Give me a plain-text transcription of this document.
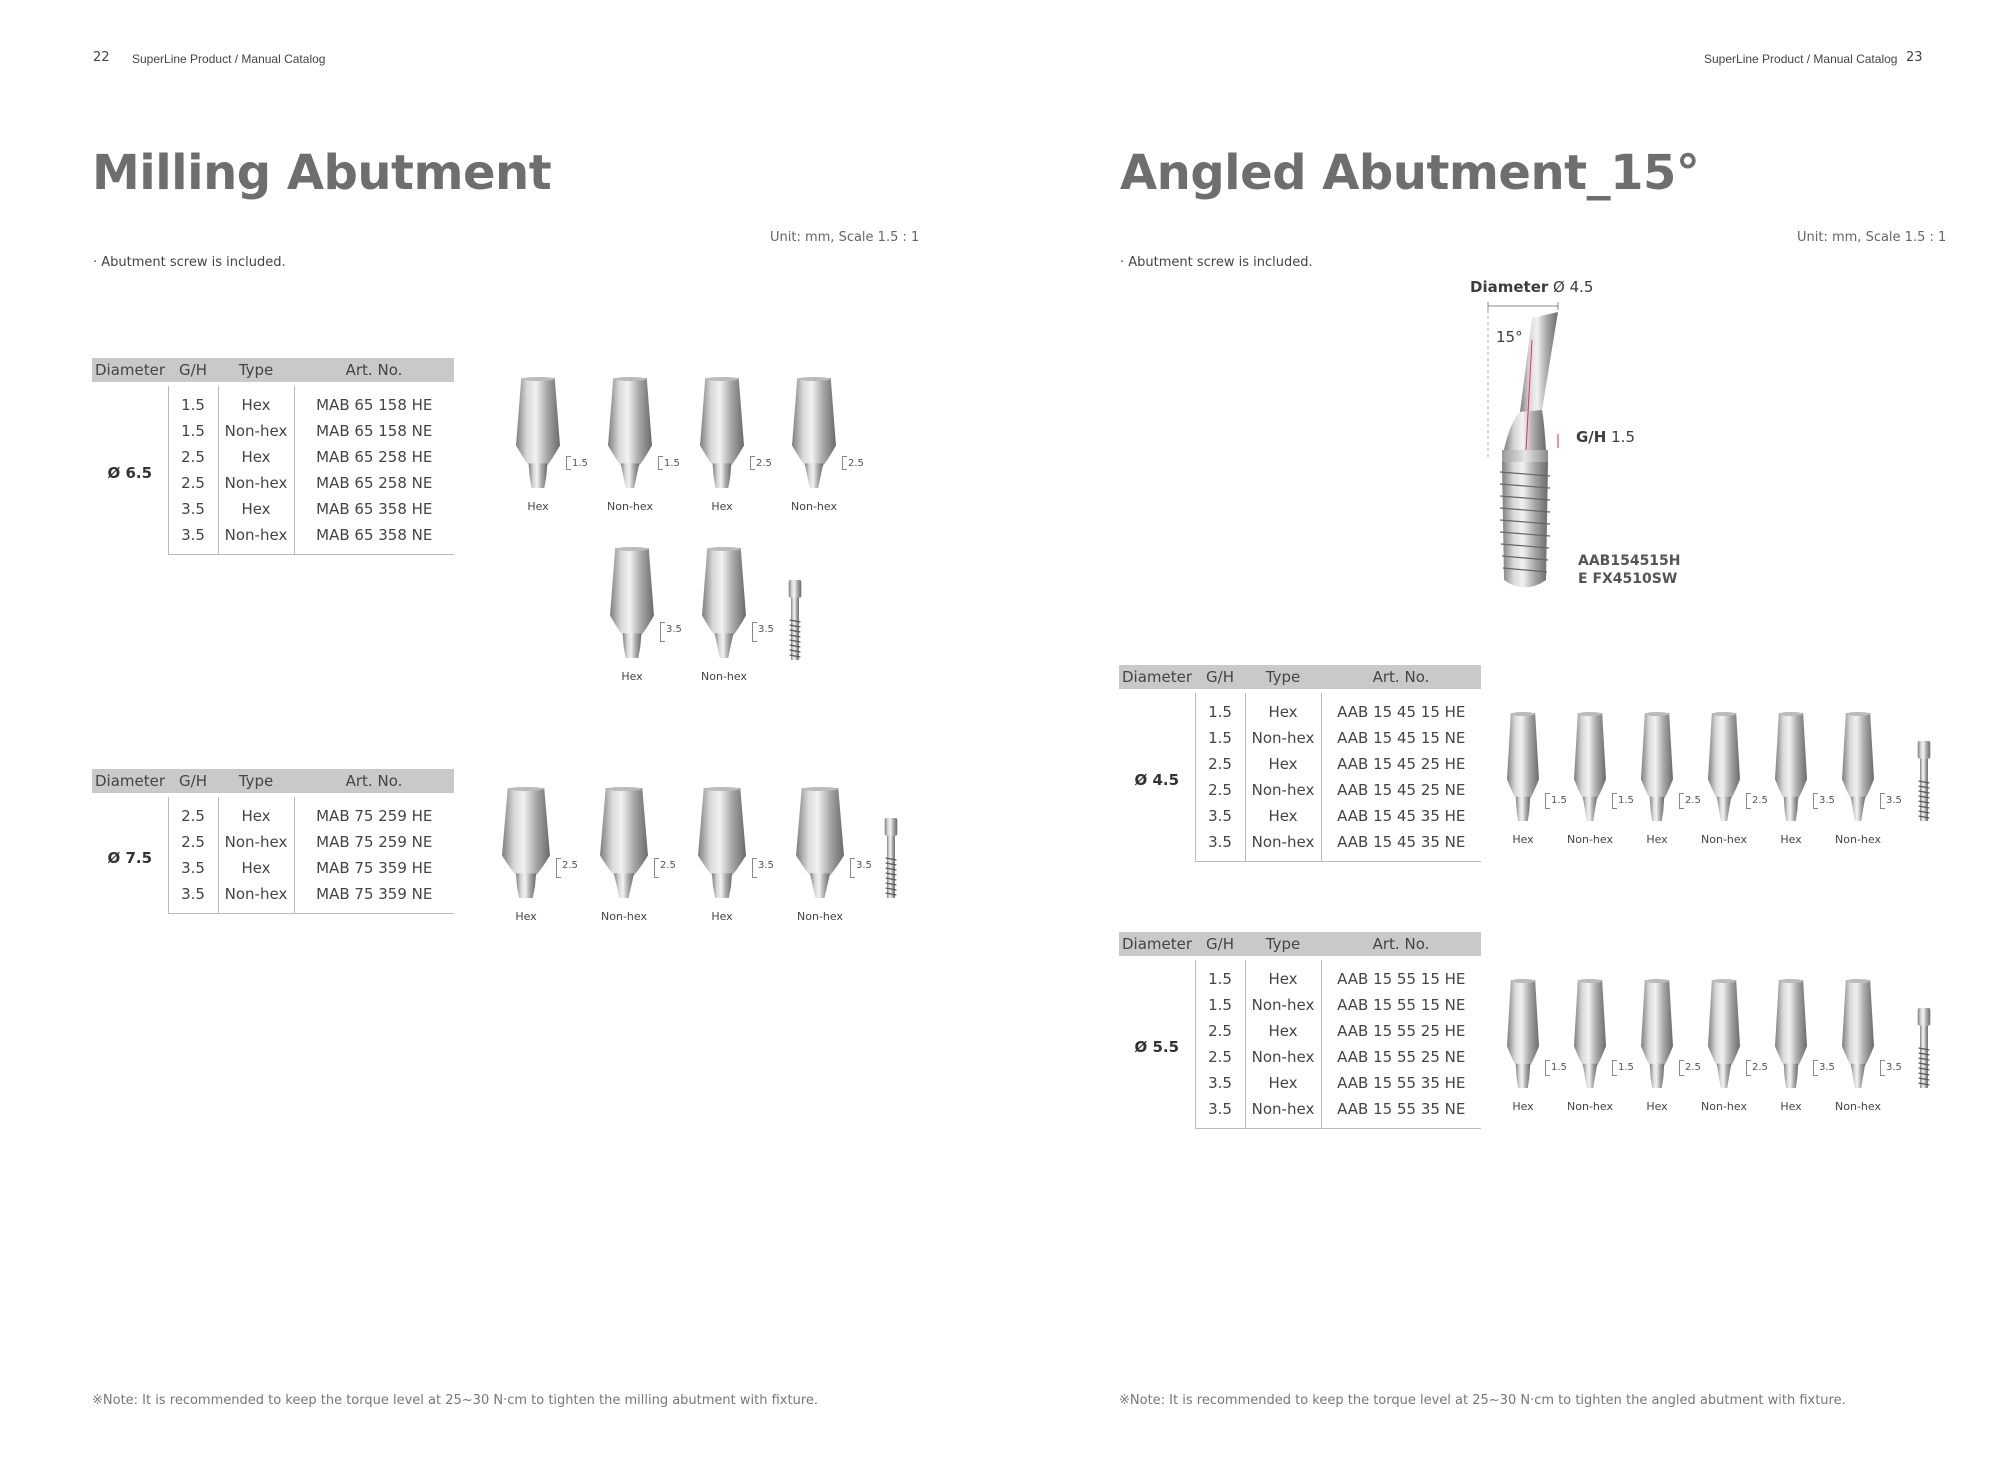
22 SuperLine Product / Manual Catalog
Milling Abutment
Unit: mm, Scale 1.5 : 1
· Abutment screw is included.
Diameter	G/H	Type	Art. No.
Ø 6.5	1.5	Hex	MAB 65 158 HE
	1.5	Non-hex	MAB 65 158 NE
	2.5	Hex	MAB 65 258 HE
	2.5	Non-hex	MAB 65 258 NE
	3.5	Hex	MAB 65 358 HE
	3.5	Non-hex	MAB 65 358 NE
Diameter	G/H	Type	Art. No.
Ø 7.5	2.5	Hex	MAB 75 259 HE
	2.5	Non-hex	MAB 75 259 NE
	3.5	Hex	MAB 75 359 HE
	3.5	Non-hex	MAB 75 359 NE
1.5
Hex
1.5
Non-hex
2.5
Hex
2.5
Non-hex
3.5
Hex
3.5
Non-hex
2.5
Hex
2.5
Non-hex
3.5
Hex
3.5
Non-hex
※Note: It is recommended to keep the torque level at 25~30 N·cm to tighten the milling abutment with fixture.
SuperLine Product / Manual Catalog 23
Angled Abutment_15°
Unit: mm, Scale 1.5 : 1
· Abutment screw is included.
Diameter Ø 4.5
15°
G/H 1.5
AAB154515H
E FX4510SW
Diameter	G/H	Type	Art. No.
Ø 4.5	1.5	Hex	AAB 15 45 15 HE
	1.5	Non-hex	AAB 15 45 15 NE
	2.5	Hex	AAB 15 45 25 HE
	2.5	Non-hex	AAB 15 45 25 NE
	3.5	Hex	AAB 15 45 35 HE
	3.5	Non-hex	AAB 15 45 35 NE
Diameter	G/H	Type	Art. No.
Ø 5.5	1.5	Hex	AAB 15 55 15 HE
	1.5	Non-hex	AAB 15 55 15 NE
	2.5	Hex	AAB 15 55 25 HE
	2.5	Non-hex	AAB 15 55 25 NE
	3.5	Hex	AAB 15 55 35 HE
	3.5	Non-hex	AAB 15 55 35 NE
1.5
Hex
1.5
Non-hex
2.5
Hex
2.5
Non-hex
3.5
Hex
3.5
Non-hex
1.5
Hex
1.5
Non-hex
2.5
Hex
2.5
Non-hex
3.5
Hex
3.5
Non-hex
※Note: It is recommended to keep the torque level at 25~30 N·cm to tighten the angled abutment with fixture.
